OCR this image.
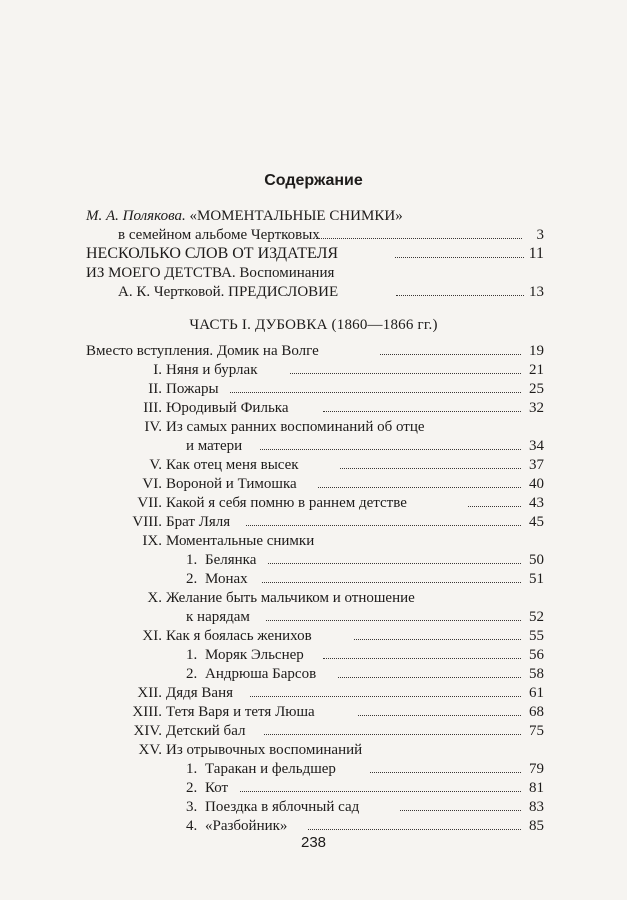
Содержание
М. А. Полякова. «МОМЕНТАЛЬНЫЕ СНИМКИ»
в семейном альбоме Чертковых	3
НЕСКОЛЬКО СЛОВ ОТ ИЗДАТЕЛЯ	11
ИЗ МОЕГО ДЕТСТВА. Воспоминания
А. К. Чертковой. ПРЕДИСЛОВИЕ	13
ЧАСТЬ I. ДУБОВКА (1860—1866 гг.)
Вместо вступления. Домик на Волге	19
I. Няня и бурлак	21
II. Пожары	25
III. Юродивый Филька	32
IV. Из самых ранних воспоминаний об отце
и матери	34
V. Как отец меня высек	37
VI. Вороной и Тимошка	40
VII. Какой я себя помню в раннем детстве	43
VIII. Брат Ляля	45
IX. Моментальные снимки
1. Белянка	50
2. Монах	51
X. Желание быть мальчиком и отношение
к нарядам	52
XI. Как я боялась женихов	55
1. Моряк Эльснер	56
2. Андрюша Барсов	58
XII. Дядя Ваня	61
XIII. Тетя Варя и тетя Люша	68
XIV. Детский бал	75
XV. Из отрывочных воспоминаний
1. Таракан и фельдшер	79
2. Кот	81
3. Поездка в яблочный сад	83
4. «Разбойник»	85
238
